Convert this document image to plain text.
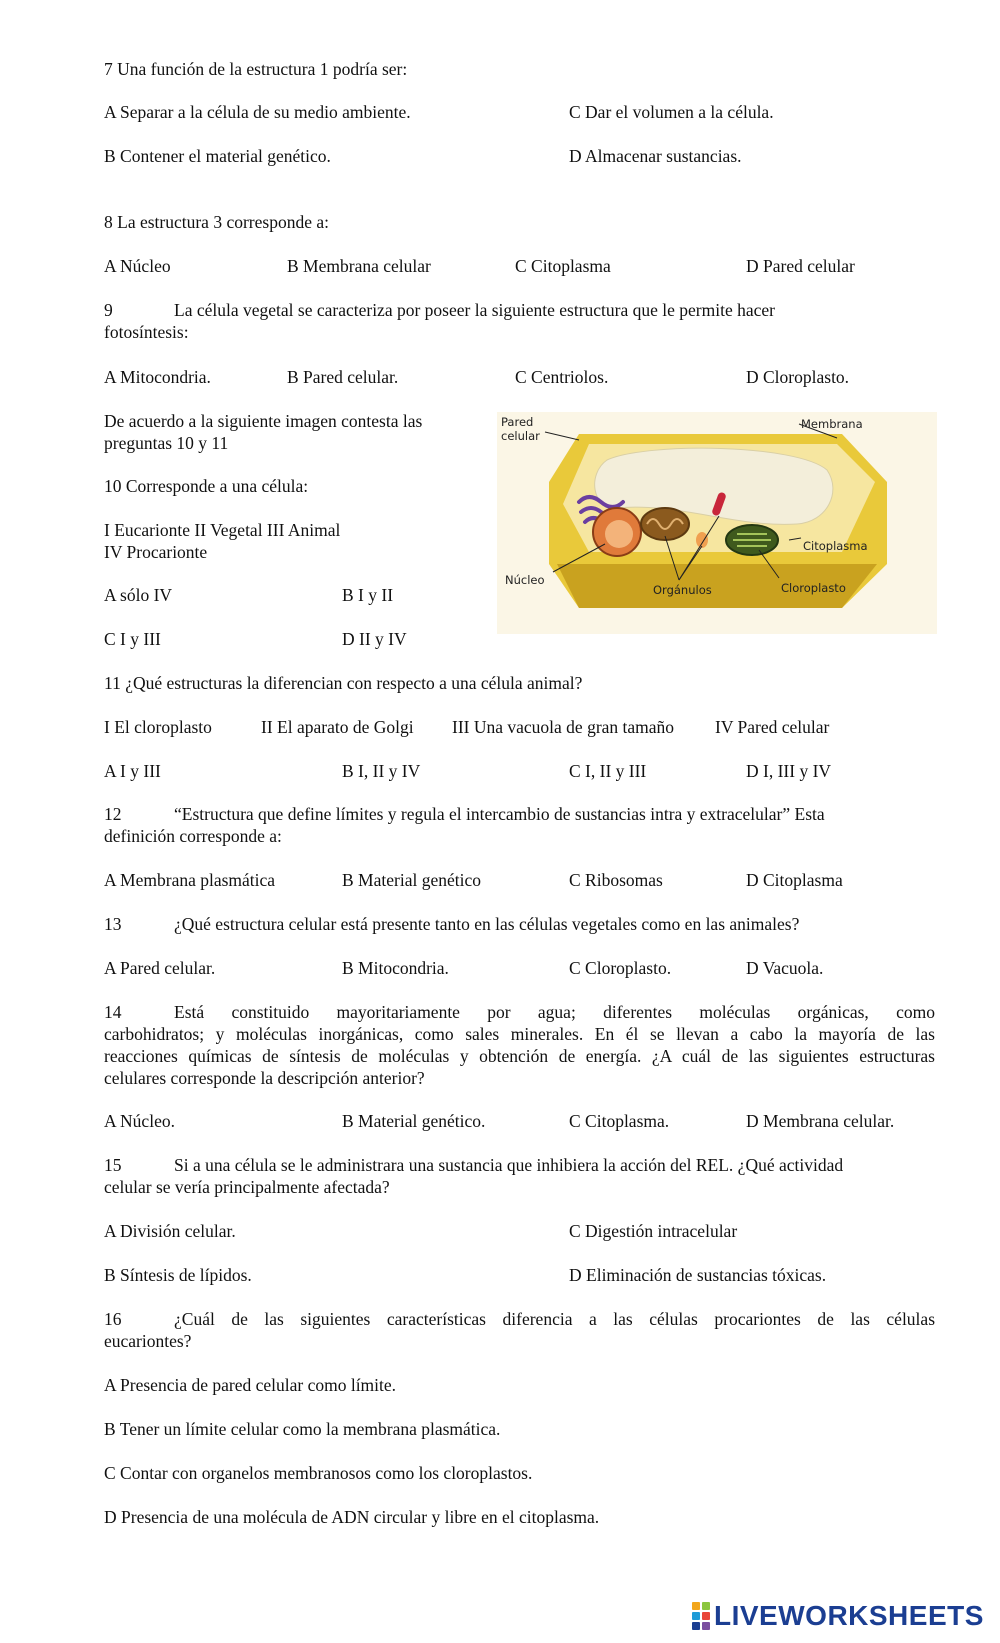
7 Una función de la estructura 1 podría ser:
A Separar a la célula de su medio ambiente.	C Dar el volumen a la célula.
B Contener el material genético.	D Almacenar sustancias.
8 La estructura 3 corresponde a:
A Núcleo	B Membrana celular	C Citoplasma	D Pared celular
9	La célula vegetal se caracteriza por poseer la siguiente estructura que le permite hacer
fotosíntesis:
A Mitocondria.	B Pared celular.	C Centriolos.	D Cloroplasto.
De acuerdo a la siguiente imagen contesta las
preguntas 10 y 11
Pared
celular
Membrana
Citoplasma
Núcleo
Orgánulos	Cloroplasto
10 Corresponde a una célula:
I Eucarionte II Vegetal III Animal
IV Procarionte
A sólo IV	B I y II
C I y III	D II y IV
11 ¿Qué estructuras la diferencian con respecto a una célula animal?
I El cloroplasto	II El aparato de Golgi III Una vacuola de gran tamaño IV Pared celular
A I y III	B I, II y IV	C I, II y III	D I, III y IV
12	“Estructura que define límites y regula el intercambio de sustancias intra y extracelular” Esta
definición corresponde a:
A Membrana plasmática	B Material genético	C Ribosomas	D Citoplasma
13	¿Qué estructura celular está presente tanto en las células vegetales como en las animales?
A Pared celular.	B Mitocondria.	C Cloroplasto.	D Vacuola.
14	Está constituido mayoritariamente por agua; diferentes moléculas orgánicas, como
carbohidratos; y moléculas inorgánicas, como sales minerales. En él se llevan a cabo la mayoría de las
reacciones químicas de síntesis de moléculas y obtención de energía. ¿A cuál de las siguientes estructuras
celulares corresponde la descripción anterior?
A Núcleo.	B Material genético.	C Citoplasma.	D Membrana celular.
15	Si a una célula se le administrara una sustancia que inhibiera la acción del REL. ¿Qué actividad
celular se vería principalmente afectada?
A División celular.	C Digestión intracelular
B Síntesis de lípidos.	D Eliminación de sustancias tóxicas.
16	¿Cuál de las siguientes características diferencia a las células procariontes de las células
eucariontes?
A Presencia de pared celular como límite.
B Tener un límite celular como la membrana plasmática.
C Contar con organelos membranosos como los cloroplastos.
D Presencia de una molécula de ADN circular y libre en el citoplasma.
LIVEWORKSHEETS
